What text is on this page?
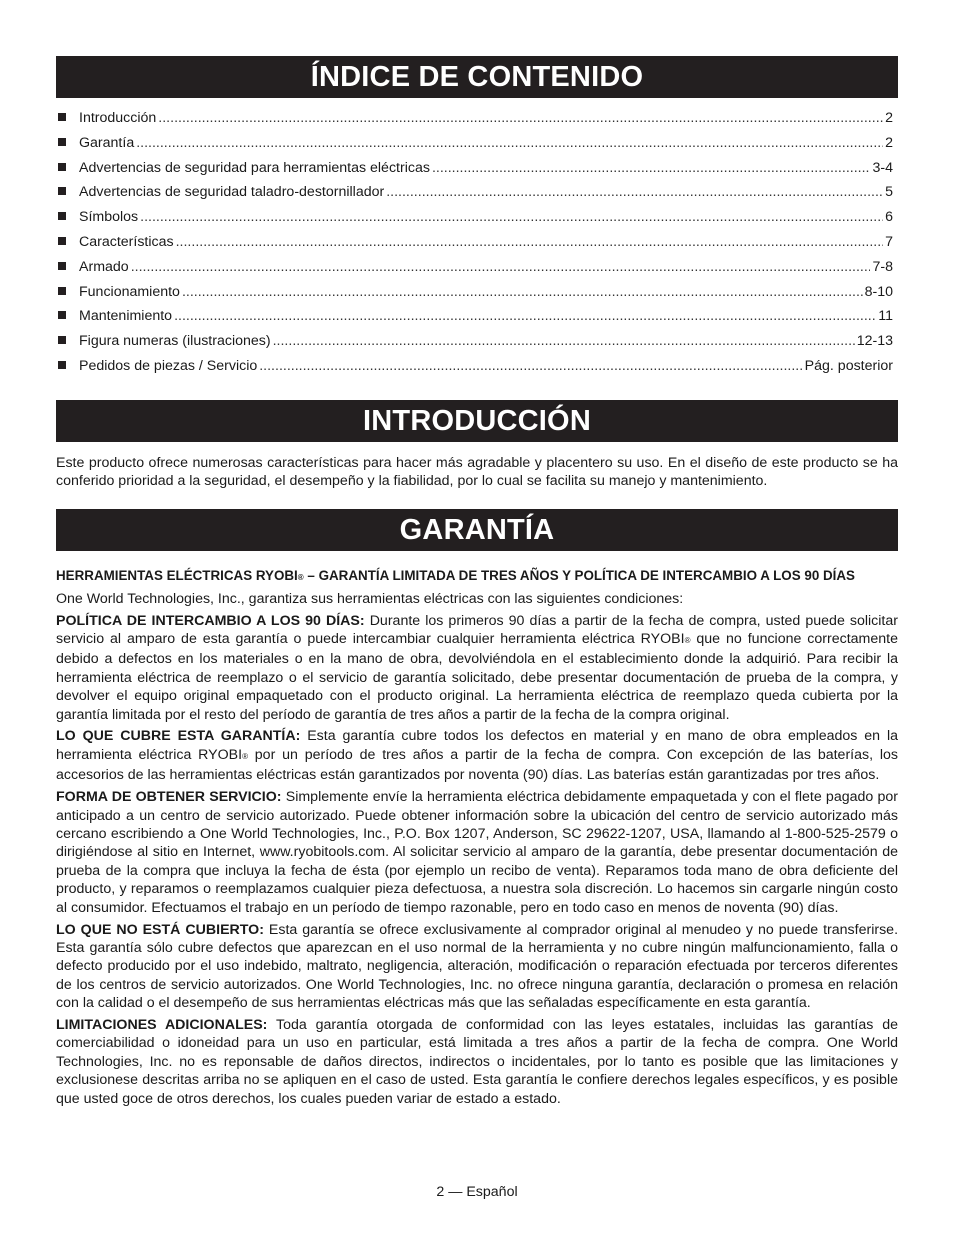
ÍNDICE DE CONTENIDO
Introducción .....	2
Garantía .....	2
Advertencias de seguridad para herramientas eléctricas .....	3-4
Advertencias de seguridad taladro-destornillador .....	5
Símbolos .....	6
Características .....	7
Armado .....	7-8
Funcionamiento .....	8-10
Mantenimiento .....	11
Figura numeras (ilustraciones) .....	12-13
Pedidos de piezas / Servicio .....	Pág. posterior
INTRODUCCIÓN

Este producto ofrece numerosas características para hacer más agradable y placentero su uso. En el diseño de este producto se ha conferido prioridad a la seguridad, el desempeño y la fiabilidad, por lo cual se facilita su manejo y mantenimiento.

GARANTÍA

HERRAMIENTAS ELÉCTRICAS RYOBI® – GARANTÍA LIMITADA DE TRES AÑOS Y POLÍTICA DE INTERCAMBIO A LOS 90 DÍAS

One World Technologies, Inc., garantiza sus herramientas eléctricas con las siguientes condiciones:

POLÍTICA DE INTERCAMBIO A LOS 90 DÍAS: Durante los primeros 90 días a partir de la fecha de compra, usted puede solicitar servicio al amparo de esta garantía o puede intercambiar cualquier herramienta eléctrica RYOBI® que no funcione correctamente debido a defectos en los materiales o en la mano de obra, devolviéndola en el establecimiento donde la adquirió. Para recibir la herramienta eléctrica de reemplazo o el servicio de garantía solicitado, debe presentar documentación de prueba de la compra, y devolver el equipo original empaquetado con el producto original. La herramienta eléctrica de reemplazo queda cubierta por la garantía limitada por el resto del período de garantía de tres años a partir de la fecha de la compra original.

LO QUE CUBRE ESTA GARANTÍA: Esta garantía cubre todos los defectos en material y en mano de obra empleados en la herramienta eléctrica RYOBI® por un período de tres años a partir de la fecha de compra. Con excepción de las baterías, los accesorios de las herramientas eléctricas están garantizados por noventa (90) días. Las baterías están garantizadas por tres años.

FORMA DE OBTENER SERVICIO: Simplemente envíe la herramienta eléctrica debidamente empaquetada y con el flete pagado por anticipado a un centro de servicio autorizado. Puede obtener información sobre la ubicación del centro de servicio autorizado más cercano escribiendo a One World Technologies, Inc., P.O. Box 1207, Anderson, SC 29622-1207, USA, llamando al 1-800-525-2579 o dirigiéndose al sitio en Internet, www.ryobitools.com. Al solicitar servicio al amparo de la garantía, debe presentar documentación de prueba de la compra que incluya la fecha de ésta (por ejemplo un recibo de venta). Reparamos toda mano de obra deficiente del producto, y reparamos o reemplazamos cualquier pieza defectuosa, a nuestra sola discreción. Lo hacemos sin cargarle ningún costo al consumidor. Efectuamos el trabajo en un período de tiempo razonable, pero en todo caso en menos de noventa (90) días.

LO QUE NO ESTÁ CUBIERTO: Esta garantía se ofrece exclusivamente al comprador original al menudeo y no puede transferirse. Esta garantía sólo cubre defectos que aparezcan en el uso normal de la herramienta y no cubre ningún malfuncionamiento, falla o defecto producido por el uso indebido, maltrato, negligencia, alteración, modificación o reparación efectuada por terceros diferentes de los centros de servicio autorizados. One World Technologies, Inc. no ofrece ninguna garantía, declaración o promesa en relación con la calidad o el desempeño de sus herramientas eléctricas más que las señaladas específicamente en esta garantía.

LIMITACIONES ADICIONALES: Toda garantía otorgada de conformidad con las leyes estatales, incluidas las garantías de comerciabilidad o idoneidad para un uso en particular, está limitada a tres años a partir de la fecha de compra. One World Technologies, Inc. no es reponsable de daños directos, indirectos o incidentales, por lo tanto es posible que las limitaciones y exclusionese descritas arriba no se apliquen en el caso de usted. Esta garantía le confiere derechos legales específicos, y es posible que usted goce de otros derechos, los cuales pueden variar de estado a estado.

2 — Español
